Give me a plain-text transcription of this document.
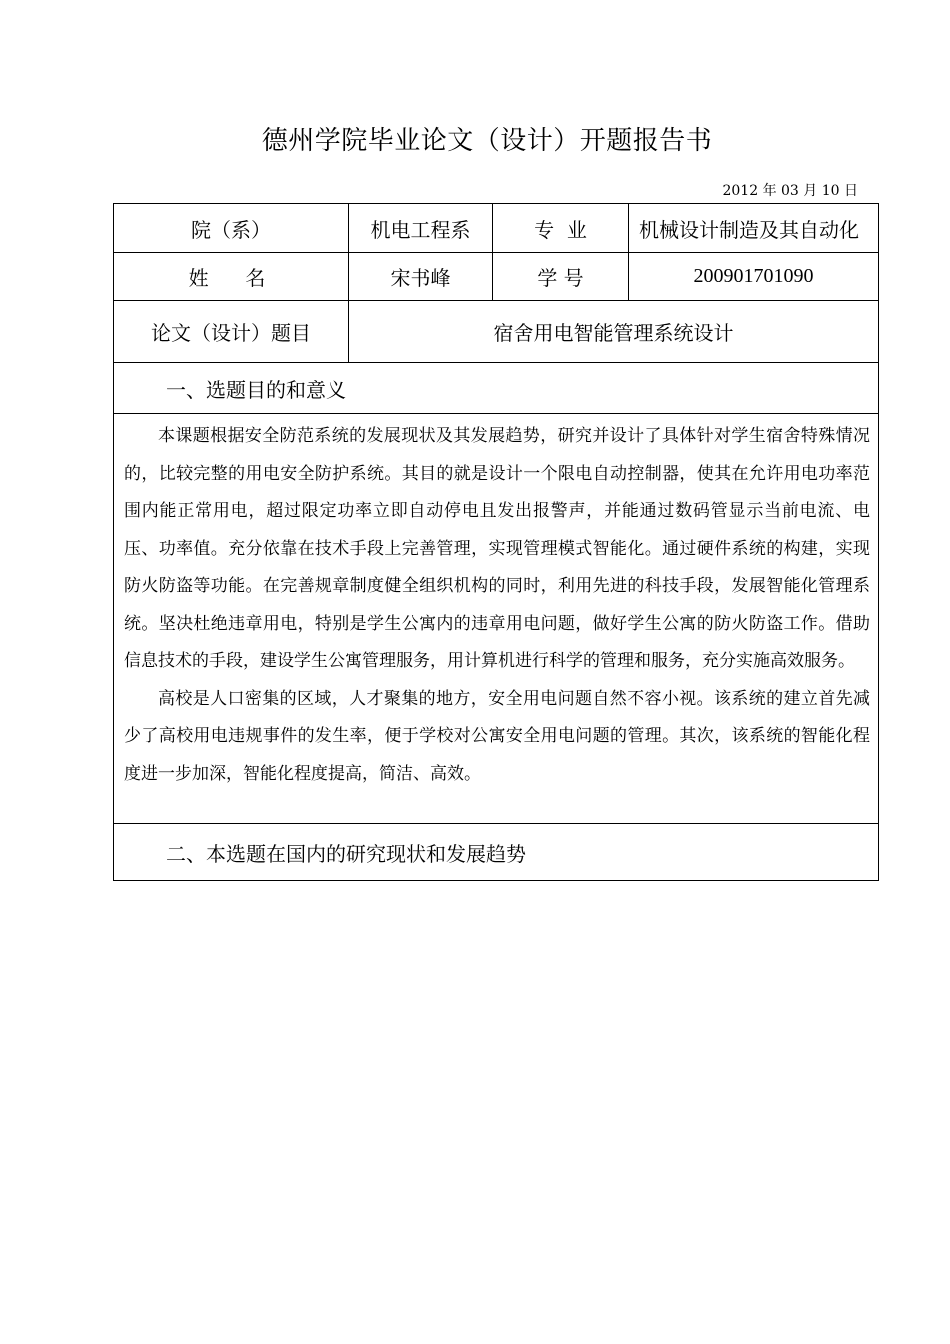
德州学院毕业论文（设计）开题报告书
2012 年 03 月 10 日
院（系）	机电工程系	专  业	机械设计制造及其自动化
姓  名	宋书峰	学 号	200901701090
论文（设计）题目	宿舍用电智能管理系统设计		
一、选题目的和意义			

本课题根据安全防范系统的发展现状及其发展趋势，研究并设计了具体针对学生宿舍特殊情况的，比较完整的用电安全防护系统。其目的就是设计一个限电自动控制器，使其在允许用电功率范围内能正常用电，超过限定功率立即自动停电且发出报警声，并能通过数码管显示当前电流、电压、功率值。充分依靠在技术手段上完善管理，实现管理模式智能化。通过硬件系统的构建，实现防火防盗等功能。在完善规章制度健全组织机构的同时，利用先进的科技手段，发展智能化管理系统。坚决杜绝违章用电，特别是学生公寓内的违章用电问题，做好学生公寓的防火防盗工作。借助信息技术的手段，建设学生公寓管理服务，用计算机进行科学的管理和服务，充分实施高效服务。

高校是人口密集的区域，人才聚集的地方，安全用电问题自然不容小视。该系统的建立首先减少了高校用电违规事件的发生率，便于学校对公寓安全用电问题的管理。其次，该系统的智能化程度进一步加深，智能化程度提高，简洁、高效。			

二、本选题在国内的研究现状和发展趋势			
